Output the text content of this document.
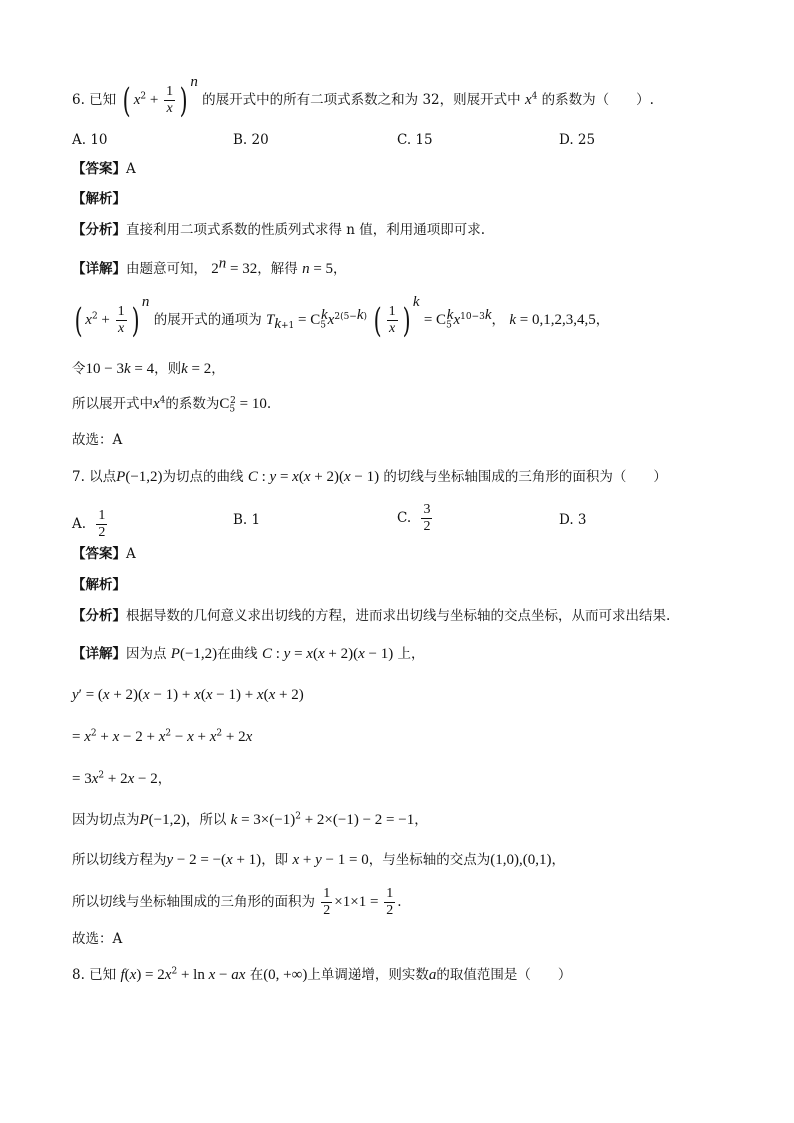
6. 已知 ( $x^2 + \frac{1}{x}$ ) $^n$ 的展开式中的所有二项式系数之和为 32，则展开式中 $x^4$ 的系数为（　　）.
A. 10	B. 20	C. 15	D. 25
【答案】A
【解析】
【分析】直接利用二项式系数的性质列式求得 n 值，利用通项即可求.
【详解】由题意可知， $2^n = 32$，解得 n = 5，
( $x^2 + \frac{1}{x}$ ) $^n$ 的展开式的通项为 $T_{k+1} = C_5^kx^{2(5-k)}$ ( $\frac{1}{x}$ ) $^k = C_5^kx^{10-3k}$， k = 0,1,2,3,4,5，
令10 − 3k = 4，则k = 2，
所以展开式中$x^4$的系数为$C_5^2 = 10$.
故选：A
7. 以点P(−1,2)为切点的曲线 C : y = x(x + 2)(x − 1) 的切线与坐标轴围成的三角形的面积为（　　）
A. $\frac{1}{2}$	B. 1	C. $\frac{3}{2}$	D. 3
【答案】A
【解析】
【分析】根据导数的几何意义求出切线的方程，进而求出切线与坐标轴的交点坐标，从而可求出结果.
【详解】因为点 P(−1,2)在曲线 C : y = x(x + 2)(x − 1) 上，
y′ = (x + 2)(x − 1) + x(x − 1) + x(x + 2)
= $x^2 + x - 2 + x^2 - x + x^2 + 2x$
= $3x^2 + 2x - 2$，
因为切点为P(−1,2)，所以 $k = 3\times(-1)^2 + 2\times(-1) - 2 = -1$，
所以切线方程为y − 2 = −(x + 1)，即 x + y − 1 = 0，与坐标轴的交点为(1,0),(0,1)，
所以切线与坐标轴围成的三角形的面积为 $\frac{1}{2} \times 1\times 1 = \frac{1}{2}$ .
故选：A
8. 已知 $f(x) = 2x^2 + \ln x$ − ax 在(0, +∞)上单调递增，则实数a的取值范围是（　　）
